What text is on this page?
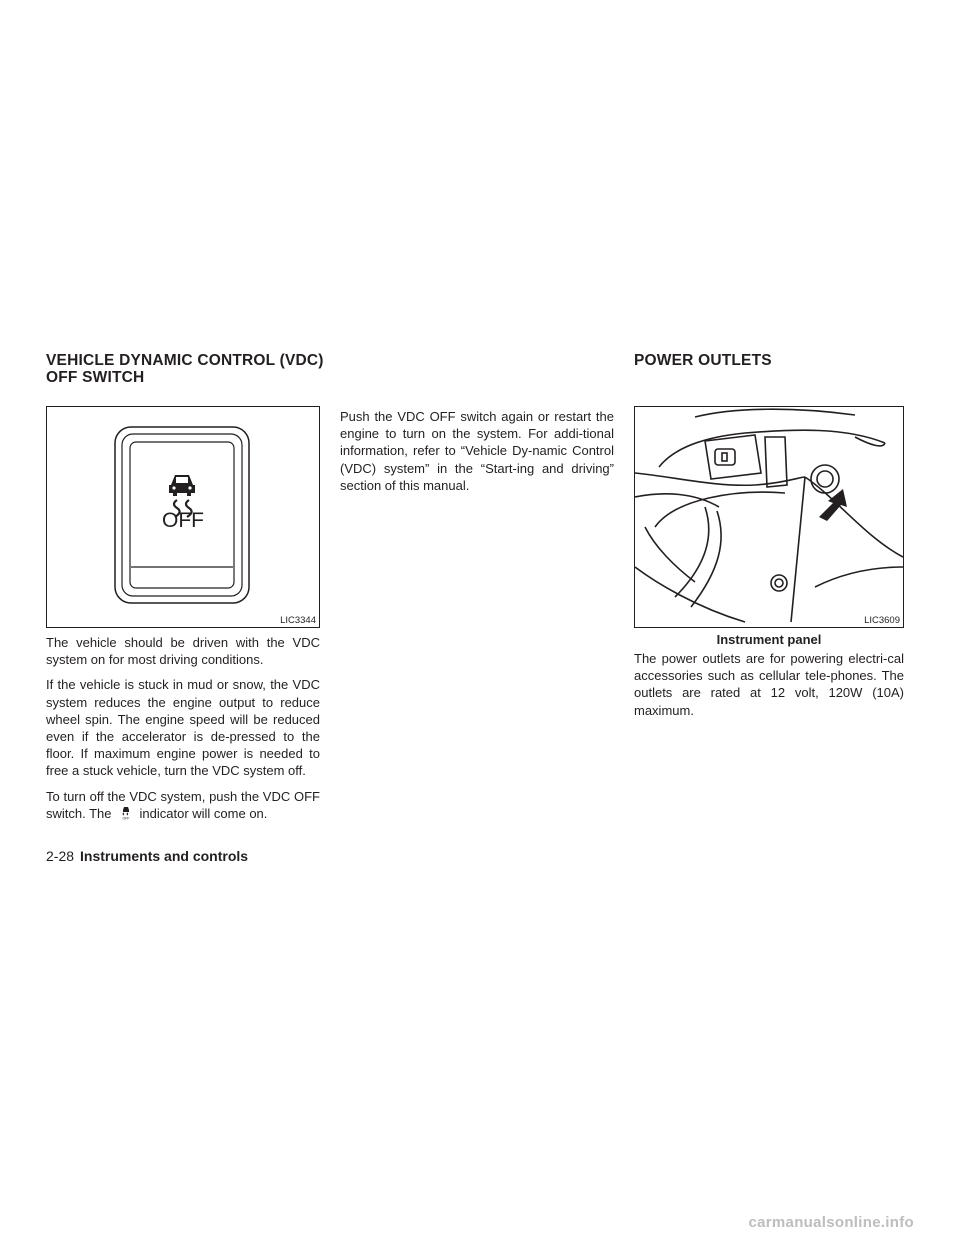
VEHICLE DYNAMIC CONTROL (VDC)
OFF SWITCH
OFF
LIC3344

The vehicle should be driven with the VDC system on for most driving conditions.

If the vehicle is stuck in mud or snow, the VDC system reduces the engine output to reduce wheel spin. The engine speed will be reduced even if the accelerator is de-pressed to the floor. If maximum engine power is needed to free a stuck vehicle, turn the VDC system off.

To turn off the VDC system, push the VDC OFF switch. The	OFF indicator will come on.

Push the VDC OFF switch again or restart the engine to turn on the system. For addi-tional information, refer to “Vehicle Dy-namic Control (VDC) system” in the “Start-ing and driving” section of this manual.

POWER OUTLETS
LIC3609
Instrument panel

The power outlets are for powering electri-cal accessories such as cellular tele-phones. The outlets are rated at 12 volt, 120W (10A) maximum.

2-28 Instruments and controls
carmanualsonline.info
